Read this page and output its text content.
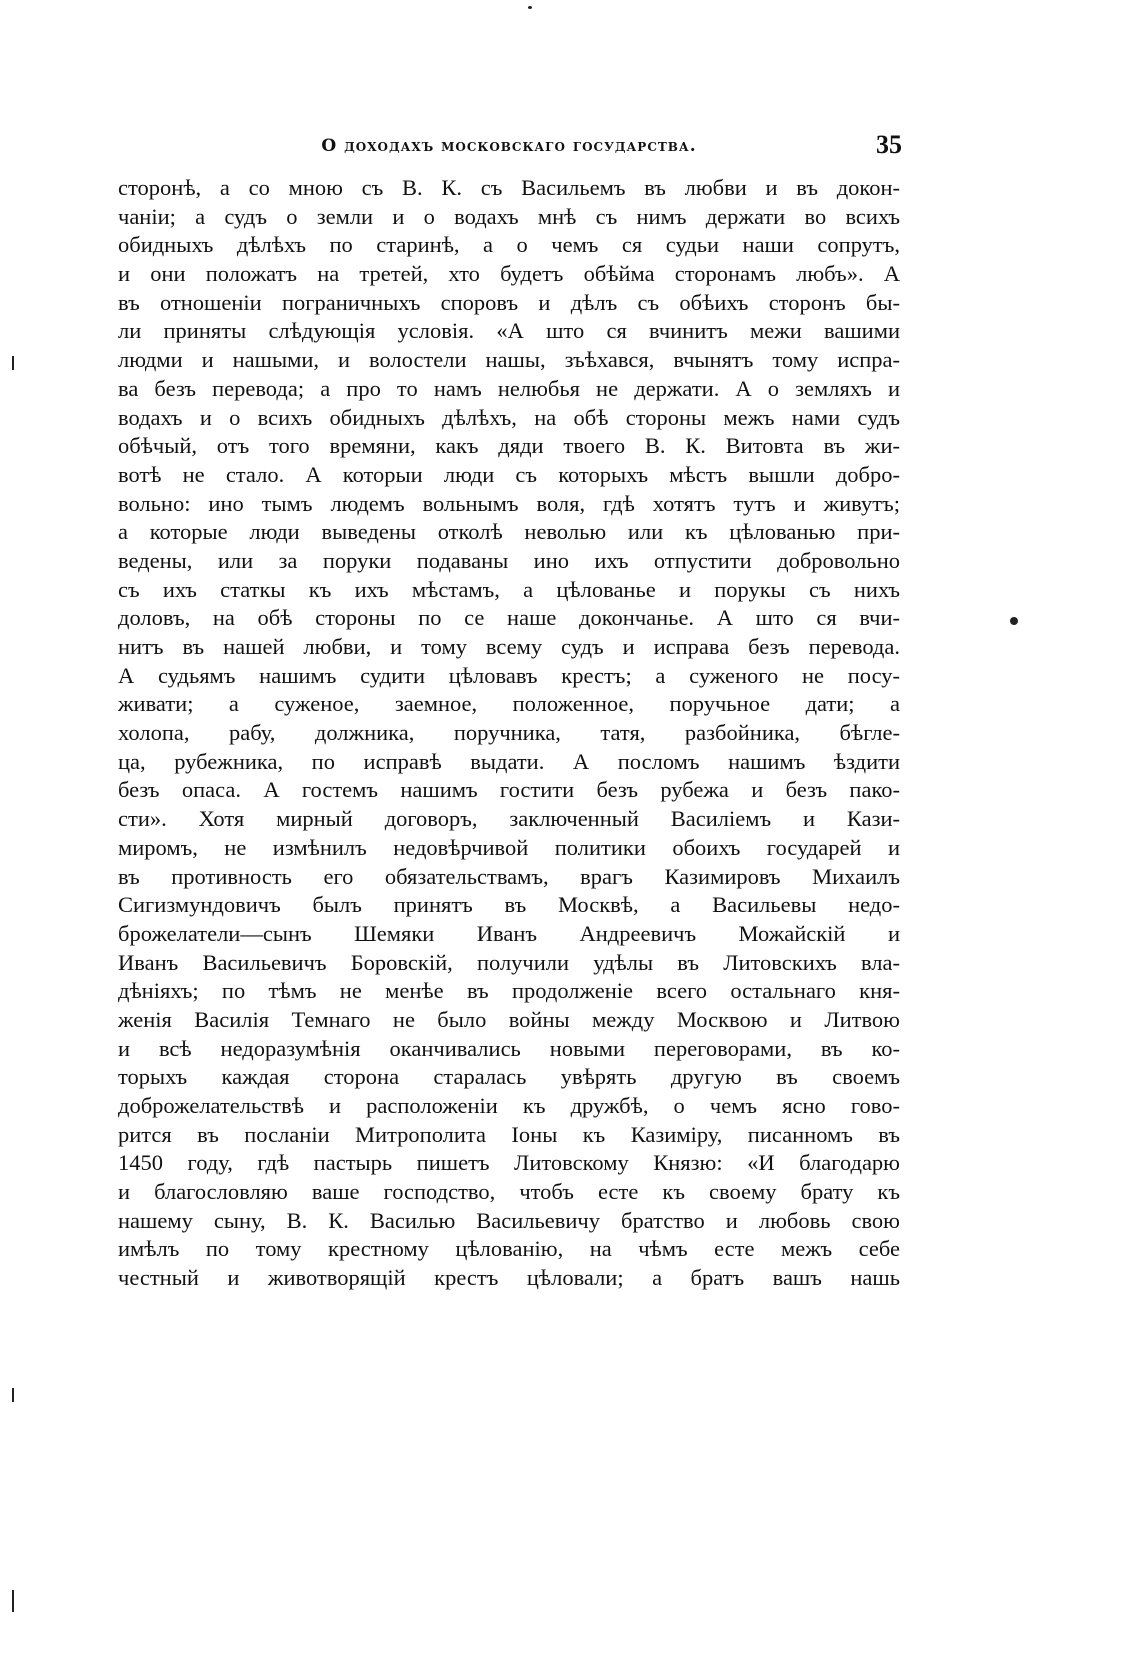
О доходахъ московскаго государства.	35
сторонѣ, а со мною съ В. К. съ Васильемъ въ любви и въ докон-
чаніи; а судъ о земли и о водахъ мнѣ съ нимъ держати во всихъ
обидныхъ дѣлѣхъ по старинѣ, а о чемъ ся судьи наши сопрутъ,
и они положатъ на третей, хто будетъ обѣйма сторонамъ любъ». А
въ отношеніи пограничныхъ споровъ и дѣлъ съ обѣихъ сторонъ бы-
ли приняты слѣдующія условія. «А што ся вчинитъ межи вашими
людми и нашыми, и волостели нашы, зъѣхався, вчынятъ тому испра-
ва безъ перевода; а про то намъ нелюбья не держати. А о земляхъ и
водахъ и о всихъ обидныхъ дѣлѣхъ, на обѣ стороны межъ нами судъ
обѣчый, отъ того времяни, какъ дяди твоего В. К. Витовта въ жи-
вотѣ не стало. А которыи люди съ которыхъ мѣстъ вышли добро-
вольно: ино тымъ людемъ вольнымъ воля, гдѣ хотятъ тутъ и живутъ;
а которые люди выведены отколѣ неволью или къ цѣлованью при-
ведены, или за поруки подаваны ино ихъ отпустити добровольно
съ ихъ статкы къ ихъ мѣстамъ, а цѣлованье и порукы съ нихъ
доловъ, на обѣ стороны по се наше докончанье. А што ся вчи-
нитъ въ нашей любви, и тому всему судъ и исправа безъ перевода.
А судьямъ нашимъ судити цѣловавъ крестъ; а суженого не посу-
живати; а суженое, заемное, положенное, поручьное дати; а
холопа, рабу, должника, поручника, татя, разбойника, бѣглe-
ца, рубежника, по исправѣ выдати. А посломъ нашимъ ѣздити
безъ опаса. А гостемъ нашимъ гостити безъ рубежа и безъ пако-
сти». Хотя мирный договоръ, заключенный Василіемъ и Кази-
миромъ, не измѣнилъ недовѣрчивой политики обоихъ государей и
въ противность его обязательствамъ, врагъ Казимировъ Михаилъ
Сигизмундовичъ былъ принятъ въ Москвѣ, а Васильевы недо-
брожелатели—сынъ Шемяки Иванъ Андреевичъ Можайскій и
Иванъ Васильевичъ Боровскій, получили удѣлы въ Литовскихъ вла-
дѣніяхъ; по тѣмъ не менѣе въ продолженіе всего остальнаго кня-
женія Василія Темнаго не было войны между Москвою и Литвою
и всѣ недоразумѣнія оканчивались новыми переговорами, въ ко-
торыхъ каждая сторона старалась увѣрять другую въ своемъ
доброжелательствѣ и расположеніи къ дружбѣ, о чемъ ясно гово-
рится въ посланіи Митрополита Іоны къ Казиміру, писанномъ въ
1450 году, гдѣ пастырь пишетъ Литовскому Князю: «И благодарю
и благословляю ваше господство, чтобъ есте къ своему брату къ
нашему сыну, В. К. Василью Васильевичу братство и любовь свою
имѣлъ по тому крестному цѣлованію, на чѣмъ есте межъ себе
честный и животворящій крестъ цѣловали; а братъ вашъ нашь
